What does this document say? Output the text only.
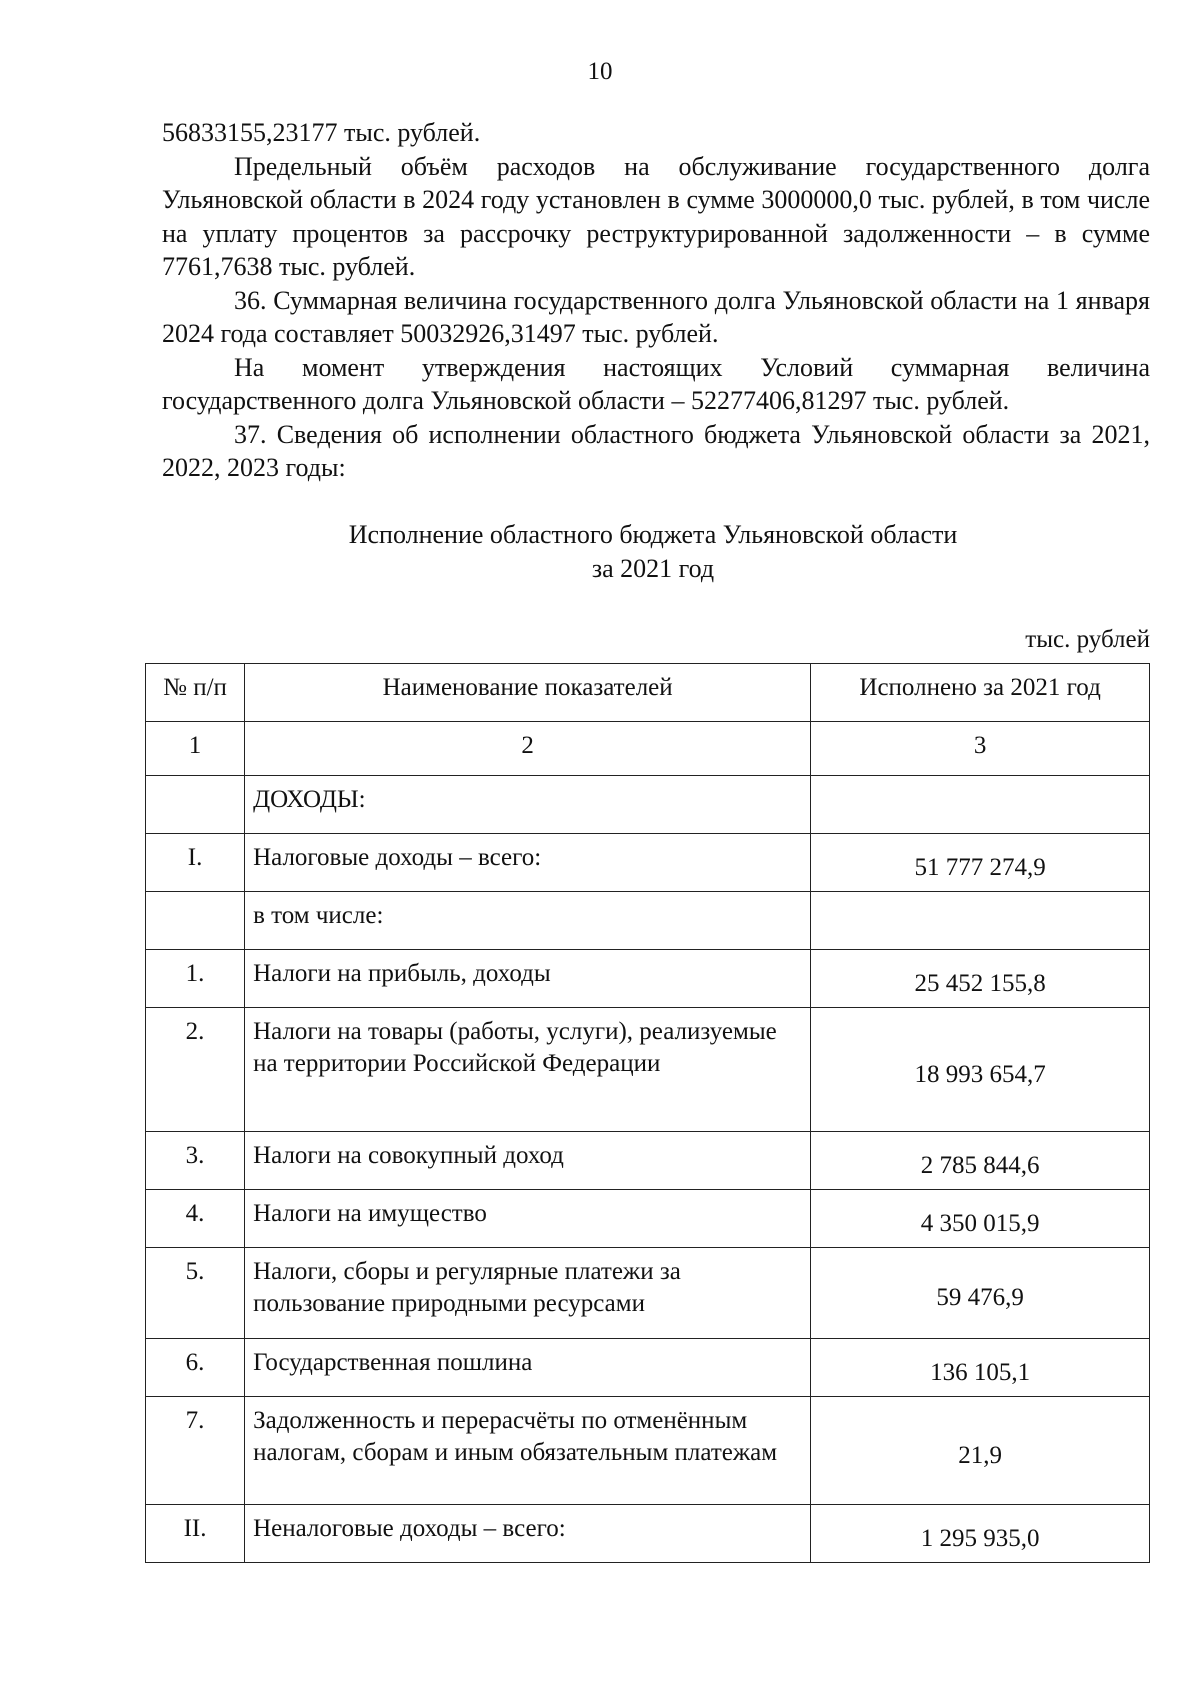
10

56833155,23177 тыс. рублей.

Предельный объём расходов на обслуживание государственного долга Ульяновской области в 2024 году установлен в сумме 3000000,0 тыс. рублей, в том числе на уплату процентов за рассрочку реструктурированной задолженности – в сумме 7761,7638 тыс. рублей.

36. Суммарная величина государственного долга Ульяновской области на 1 января 2024 года составляет 50032926,31497 тыс. рублей.

На момент утверждения настоящих Условий суммарная величина государственного долга Ульяновской области – 52277406,81297 тыс. рублей.

37. Сведения об исполнении областного бюджета Ульяновской области за 2021, 2022, 2023 годы:

Исполнение областного бюджета Ульяновской области
за 2021 год
тыс. рублей
№ п/п	Наименование показателей	Исполнено за 2021 год
1	2	3
	ДОХОДЫ:	
I.	Налоговые доходы – всего:	51 777 274,9
	в том числе:	
1.	Налоги на прибыль, доходы	25 452 155,8
2.	Налоги на товары (работы, услуги), реализуемые на территории Российской Федерации	18 993 654,7
3.	Налоги на совокупный доход	2 785 844,6
4.	Налоги на имущество	4 350 015,9
5.	Налоги, сборы и регулярные платежи за пользование природными ресурсами	59 476,9
6.	Государственная пошлина	136 105,1
7.	Задолженность и перерасчёты по отменённым налогам, сборам и иным обязательным платежам	21,9
II.	Неналоговые доходы – всего:	1 295 935,0
